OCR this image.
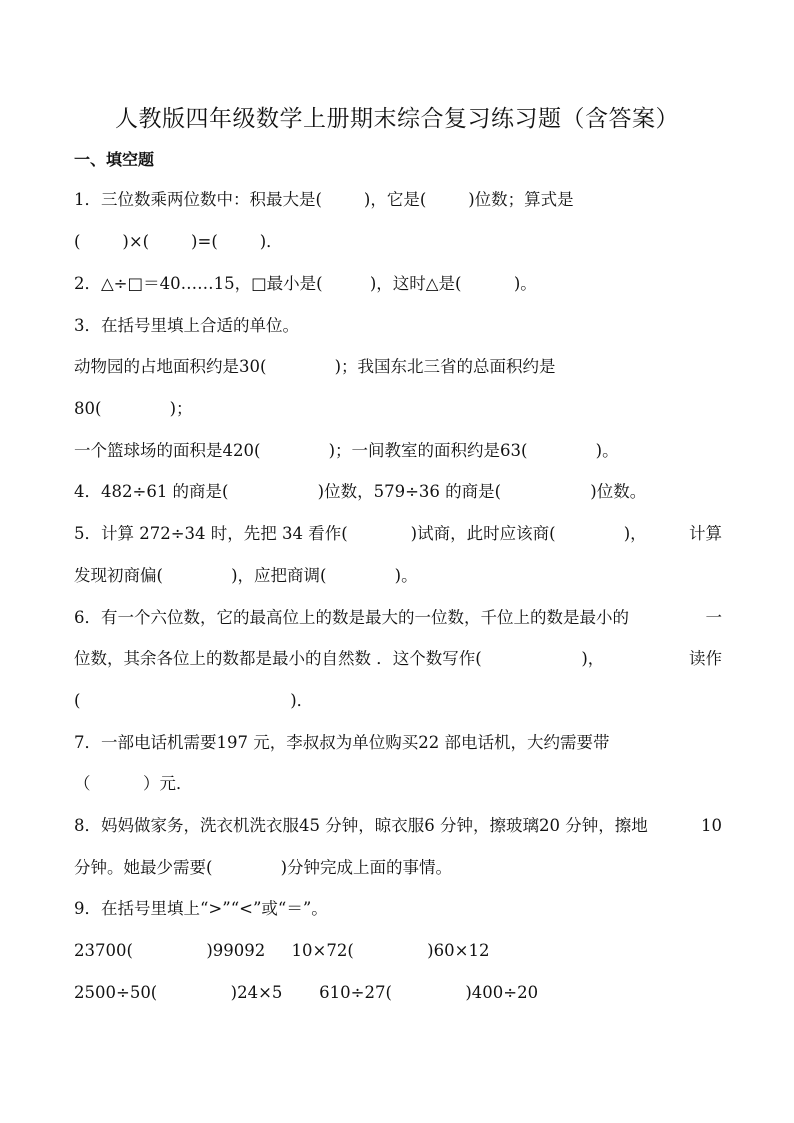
人教版四年级数学上册期末综合复习练习题（含答案）
一、填空题
1．三位数乘两位数中：积最大是(        )，它是(        )位数；算式是
(        )×(        )=(        )．
2．△÷□＝40……15，□最小是(         )，这时△是(          )。
3．在括号里填上合适的单位。
动物园的占地面积约是30(             )；我国东北三省的总面积约是
80(             )；
一个篮球场的面积是420(             )；一间教室的面积约是63(             )。
4．482÷61 的商是(                 )位数，579÷36 的商是(                 )位数。
5．计算 272÷34 时，先把 34 看作(            )试商，此时应该商(             )，	计算
发现初商偏(             )，应把商调(             )。
6．有一个六位数，它的最高位上的数是最大的一位数，千位上的数是最小的	一
位数，其余各位上的数都是最小的自然数 ．这个数写作(                   )，	读作
(                                        )．
7．一部电话机需要197 元，李叔叔为单位购买22 部电话机，大约需要带
（          ）元．
8．妈妈做家务，洗衣机洗衣服45 分钟，晾衣服6 分钟，擦玻璃20 分钟，擦地	10
分钟。她最少需要(             )分钟完成上面的事情。
9．在括号里填上“>”“<”或“＝”。
23700(              )99092     10×72(              )60×12
2500÷50(              )24×5       610÷27(              )400÷20
